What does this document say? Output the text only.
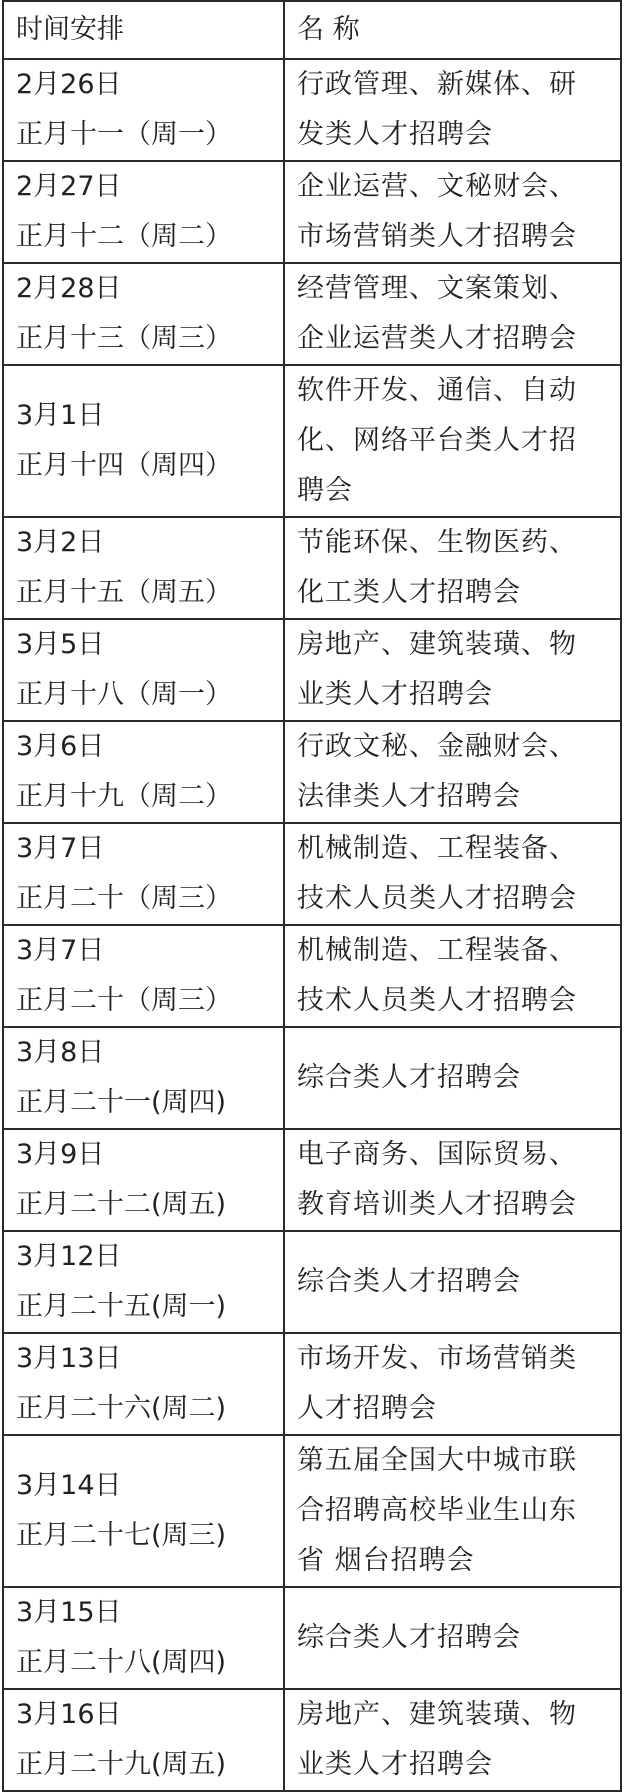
时间安排	名 称

2月26日
正月十一（周一）	行政管理、新媒体、研发类人才招聘会

2月27日
正月十二（周二）	企业运营、文秘财会、市场营销类人才招聘会

2月28日
正月十三（周三）	经营管理、文案策划、企业运营类人才招聘会

3月1日
正月十四（周四）	软件开发、通信、自动化、网络平台类人才招聘会

3月2日
正月十五（周五）	节能环保、生物医药、化工类人才招聘会

3月5日
正月十八（周一）	房地产、建筑装璜、物业类人才招聘会

3月6日
正月十九（周二）	行政文秘、金融财会、法律类人才招聘会

3月7日
正月二十（周三）	机械制造、工程装备、技术人员类人才招聘会

3月7日
正月二十（周三）	机械制造、工程装备、技术人员类人才招聘会

3月8日
正月二十一(周四)	综合类人才招聘会

3月9日
正月二十二(周五)	电子商务、国际贸易、教育培训类人才招聘会

3月12日
正月二十五(周一)	综合类人才招聘会

3月13日
正月二十六(周二)	市场开发、市场营销类人才招聘会

3月14日
正月二十七(周三)	第五届全国大中城市联合招聘高校毕业生山东省 烟台招聘会

3月15日
正月二十八(周四)	综合类人才招聘会

3月16日
正月二十九(周五)	房地产、建筑装璜、物业类人才招聘会
